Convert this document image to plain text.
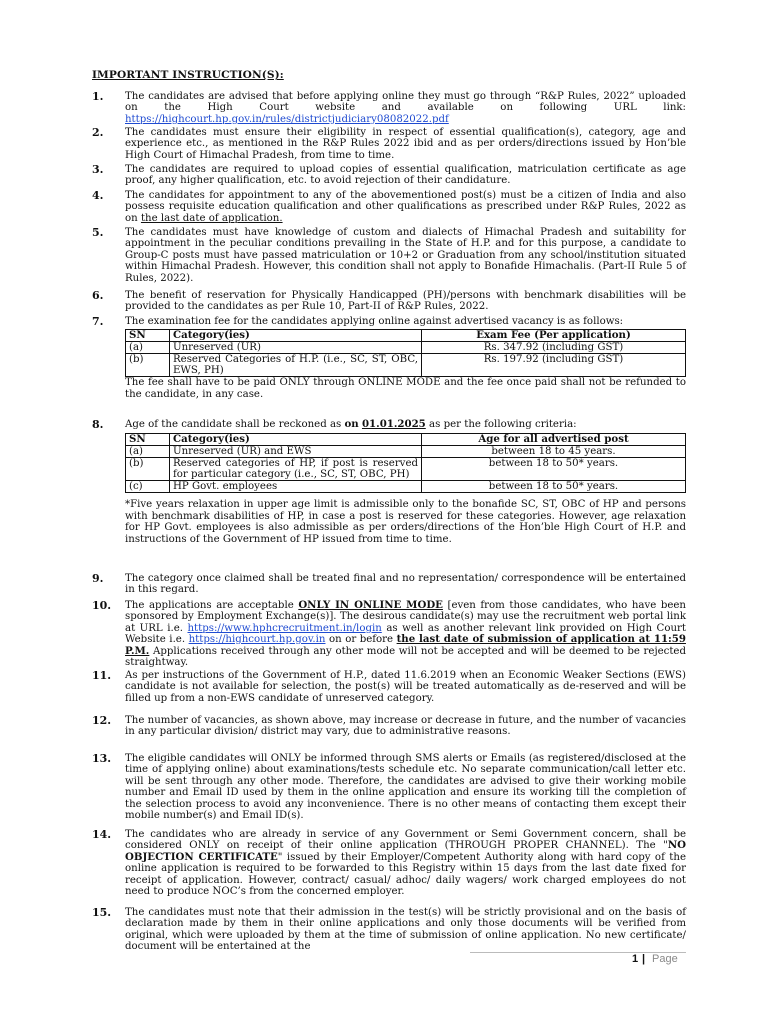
IMPORTANT INSTRUCTION(S):
1.	The candidates are advised that before applying online they must go through “R&P Rules, 2022” uploaded on the High Court website and available on following URL link: https://highcourt.hp.gov.in/rules/districtjudiciary08082022.pdf
2.	The candidates must ensure their eligibility in respect of essential qualification(s), category, age and experience etc., as mentioned in the R&P Rules 2022 ibid and as per orders/directions issued by Hon’ble High Court of Himachal Pradesh, from time to time.
3.	The candidates are required to upload copies of essential qualification, matriculation certificate as age proof, any higher qualification, etc. to avoid rejection of their candidature.
4.	The candidates for appointment to any of the abovementioned post(s) must be a citizen of India and also possess requisite education qualification and other qualifications as prescribed under R&P Rules, 2022 as on the last date of application.
5.	The candidates must have knowledge of custom and dialects of Himachal Pradesh and suitability for appointment in the peculiar conditions prevailing in the State of H.P. and for this purpose, a candidate to Group-C posts must have passed matriculation or 10+2 or Graduation from any school/institution situated within Himachal Pradesh. However, this condition shall not apply to Bonafide Himachalis. (Part-II Rule 5 of Rules, 2022).
6.	The benefit of reservation for Physically Handicapped (PH)/persons with benchmark disabilities will be provided to the candidates as per Rule 10, Part-II of R&P Rules, 2022.
7.	The examination fee for the candidates applying online against advertised vacancy is as follows:
SN	Category(ies)	Exam Fee (Per application)
(a)	Unreserved (UR)	Rs. 347.92 (including GST)
(b)	Reserved Categories of H.P. (i.e., SC, ST, OBC, EWS, PH)	Rs. 197.92 (including GST)
The fee shall have to be paid ONLY through ONLINE MODE and the fee once paid shall not be refunded to the candidate, in any case.
8.	Age of the candidate shall be reckoned as on 01.01.2025 as per the following criteria:
SN	Category(ies)	Age for all advertised post
(a)	Unreserved (UR) and EWS	between 18 to 45 years.
(b)	Reserved categories of HP, if post is reserved for particular category (i.e., SC, ST, OBC, PH)	between 18 to 50* years.
(c)	HP Govt. employees	between 18 to 50* years.
*Five years relaxation in upper age limit is admissible only to the bonafide SC, ST, OBC of HP and persons with benchmark disabilities of HP, in case a post is reserved for these categories. However, age relaxation for HP Govt. employees is also admissible as per orders/directions of the Hon’ble High Court of H.P. and instructions of the Government of HP issued from time to time.
9.	The category once claimed shall be treated final and no representation/ correspondence will be entertained in this regard.
10.	The applications are acceptable ONLY IN ONLINE MODE [even from those candidates, who have been sponsored by Employment Exchange(s)]. The desirous candidate(s) may use the recruitment web portal link at URL i.e. https://www.hphcrecruitment.in/login as well as another relevant link provided on High Court Website i.e. https://highcourt.hp.gov.in on or before the last date of submission of application at 11:59 P.M. Applications received through any other mode will not be accepted and will be deemed to be rejected straightway.
11.	As per instructions of the Government of H.P., dated 11.6.2019 when an Economic Weaker Sections (EWS) candidate is not available for selection, the post(s) will be treated automatically as de-reserved and will be filled up from a non-EWS candidate of unreserved category.
12.	The number of vacancies, as shown above, may increase or decrease in future, and the number of vacancies in any particular division/ district may vary, due to administrative reasons.
13.	The eligible candidates will ONLY be informed through SMS alerts or Emails (as registered/disclosed at the time of applying online) about examinations/tests schedule etc. No separate communication/call letter etc. will be sent through any other mode. Therefore, the candidates are advised to give their working mobile number and Email ID used by them in the online application and ensure its working till the completion of the selection process to avoid any inconvenience. There is no other means of contacting them except their mobile number(s) and Email ID(s).
14.	The candidates who are already in service of any Government or Semi Government concern, shall be considered ONLY on receipt of their online application (THROUGH PROPER CHANNEL). The "NO OBJECTION CERTIFICATE" issued by their Employer/Competent Authority along with hard copy of the online application is required to be forwarded to this Registry within 15 days from the last date fixed for receipt of application. However, contract/ casual/ adhoc/ daily wagers/ work charged employees do not need to produce NOC’s from the concerned employer.
15.	The candidates must note that their admission in the test(s) will be strictly provisional and on the basis of declaration made by them in their online applications and only those documents will be verified from original, which were uploaded by them at the time of submission of online application. No new certificate/ document will be entertained at the
1 | Page
